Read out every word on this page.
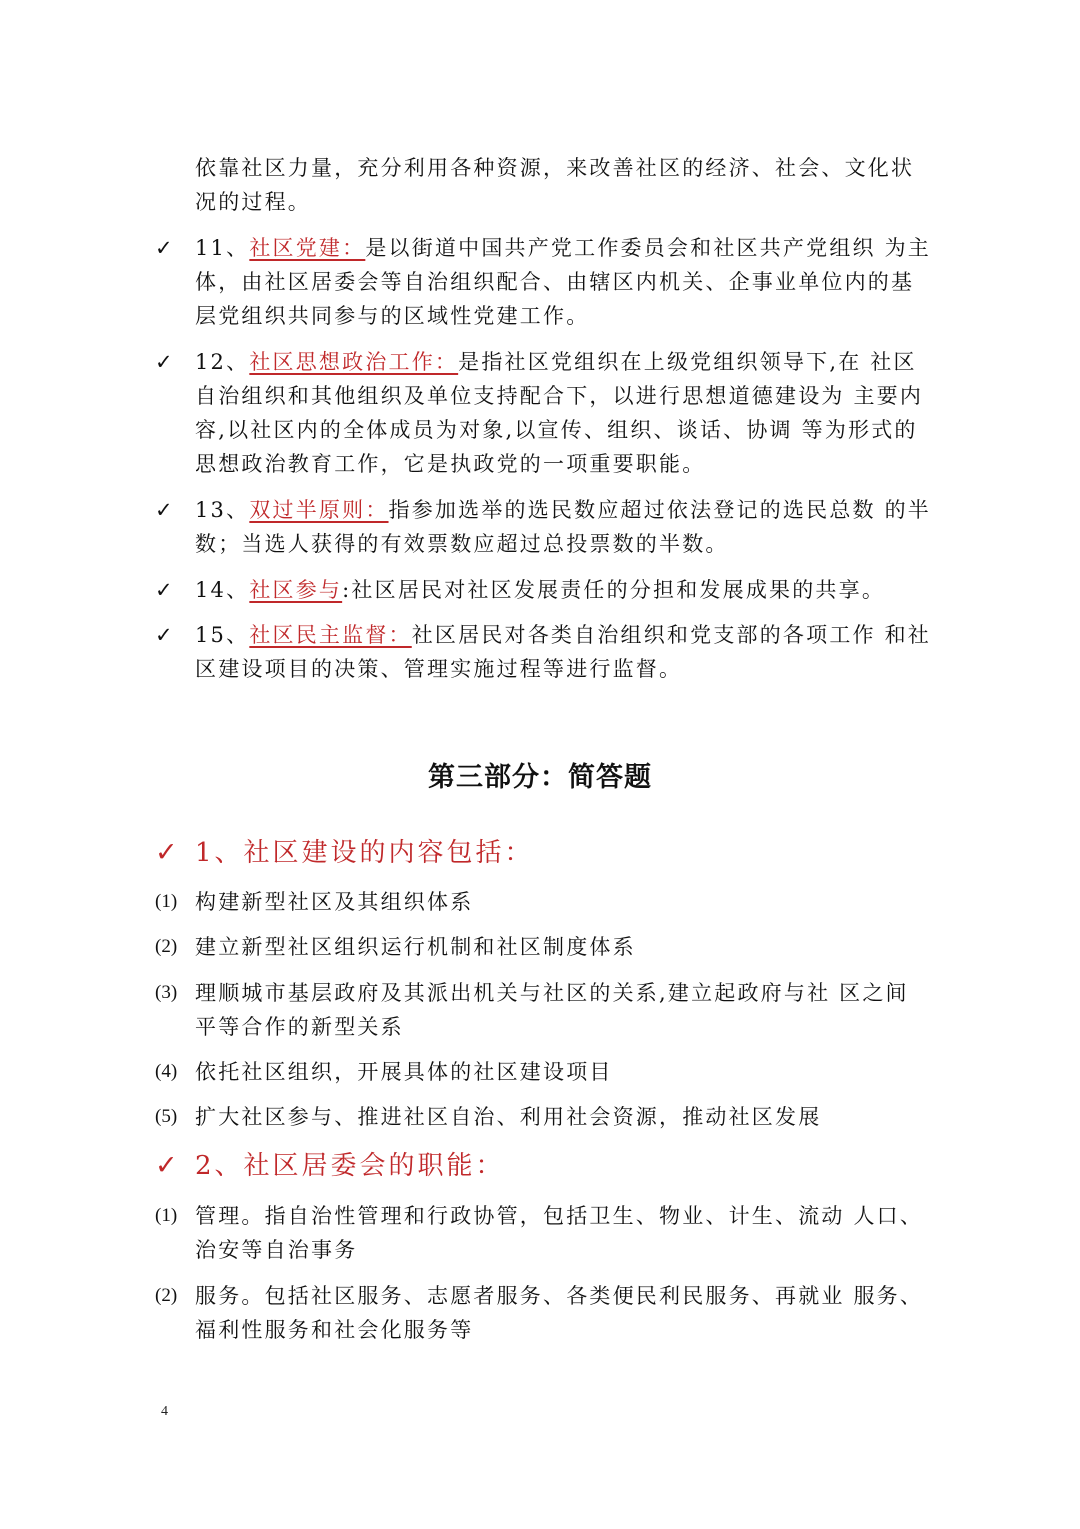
依靠社区力量，充分利用各种资源，来改善社区的经济、社会、文化状
况的过程。
✓ 11、社区党建：是以街道中国共产党工作委员会和社区共产党组织 为主
体，由社区居委会等自治组织配合、由辖区内机关、企事业单位内的基
层党组织共同参与的区域性党建工作。
✓ 12、社区思想政治工作：是指社区党组织在上级党组织领导下,在 社区
自治组织和其他组织及单位支持配合下，以进行思想道德建设为 主要内
容,以社区内的全体成员为对象,以宣传、组织、谈话、协调 等为形式的
思想政治教育工作，它是执政党的一项重要职能。
✓ 13、双过半原则：指参加选举的选民数应超过依法登记的选民总数 的半
数；当选人获得的有效票数应超过总投票数的半数。
✓ 14、社区参与:社区居民对社区发展责任的分担和发展成果的共享。
✓ 15、社区民主监督：社区居民对各类自治组织和党支部的各项工作 和社
区建设项目的决策、管理实施过程等进行监督。
第三部分：简答题
✓ 1、社区建设的内容包括：
(1) 构建新型社区及其组织体系
(2) 建立新型社区组织运行机制和社区制度体系
(3) 理顺城市基层政府及其派出机关与社区的关系,建立起政府与社 区之间
平等合作的新型关系
(4) 依托社区组织，开展具体的社区建设项目
(5) 扩大社区参与、推进社区自治、利用社会资源，推动社区发展
✓ 2、社区居委会的职能：
(1) 管理。指自治性管理和行政协管，包括卫生、物业、计生、流动 人口、
治安等自治事务
(2) 服务。包括社区服务、志愿者服务、各类便民利民服务、再就业 服务、
福利性服务和社会化服务等
4
